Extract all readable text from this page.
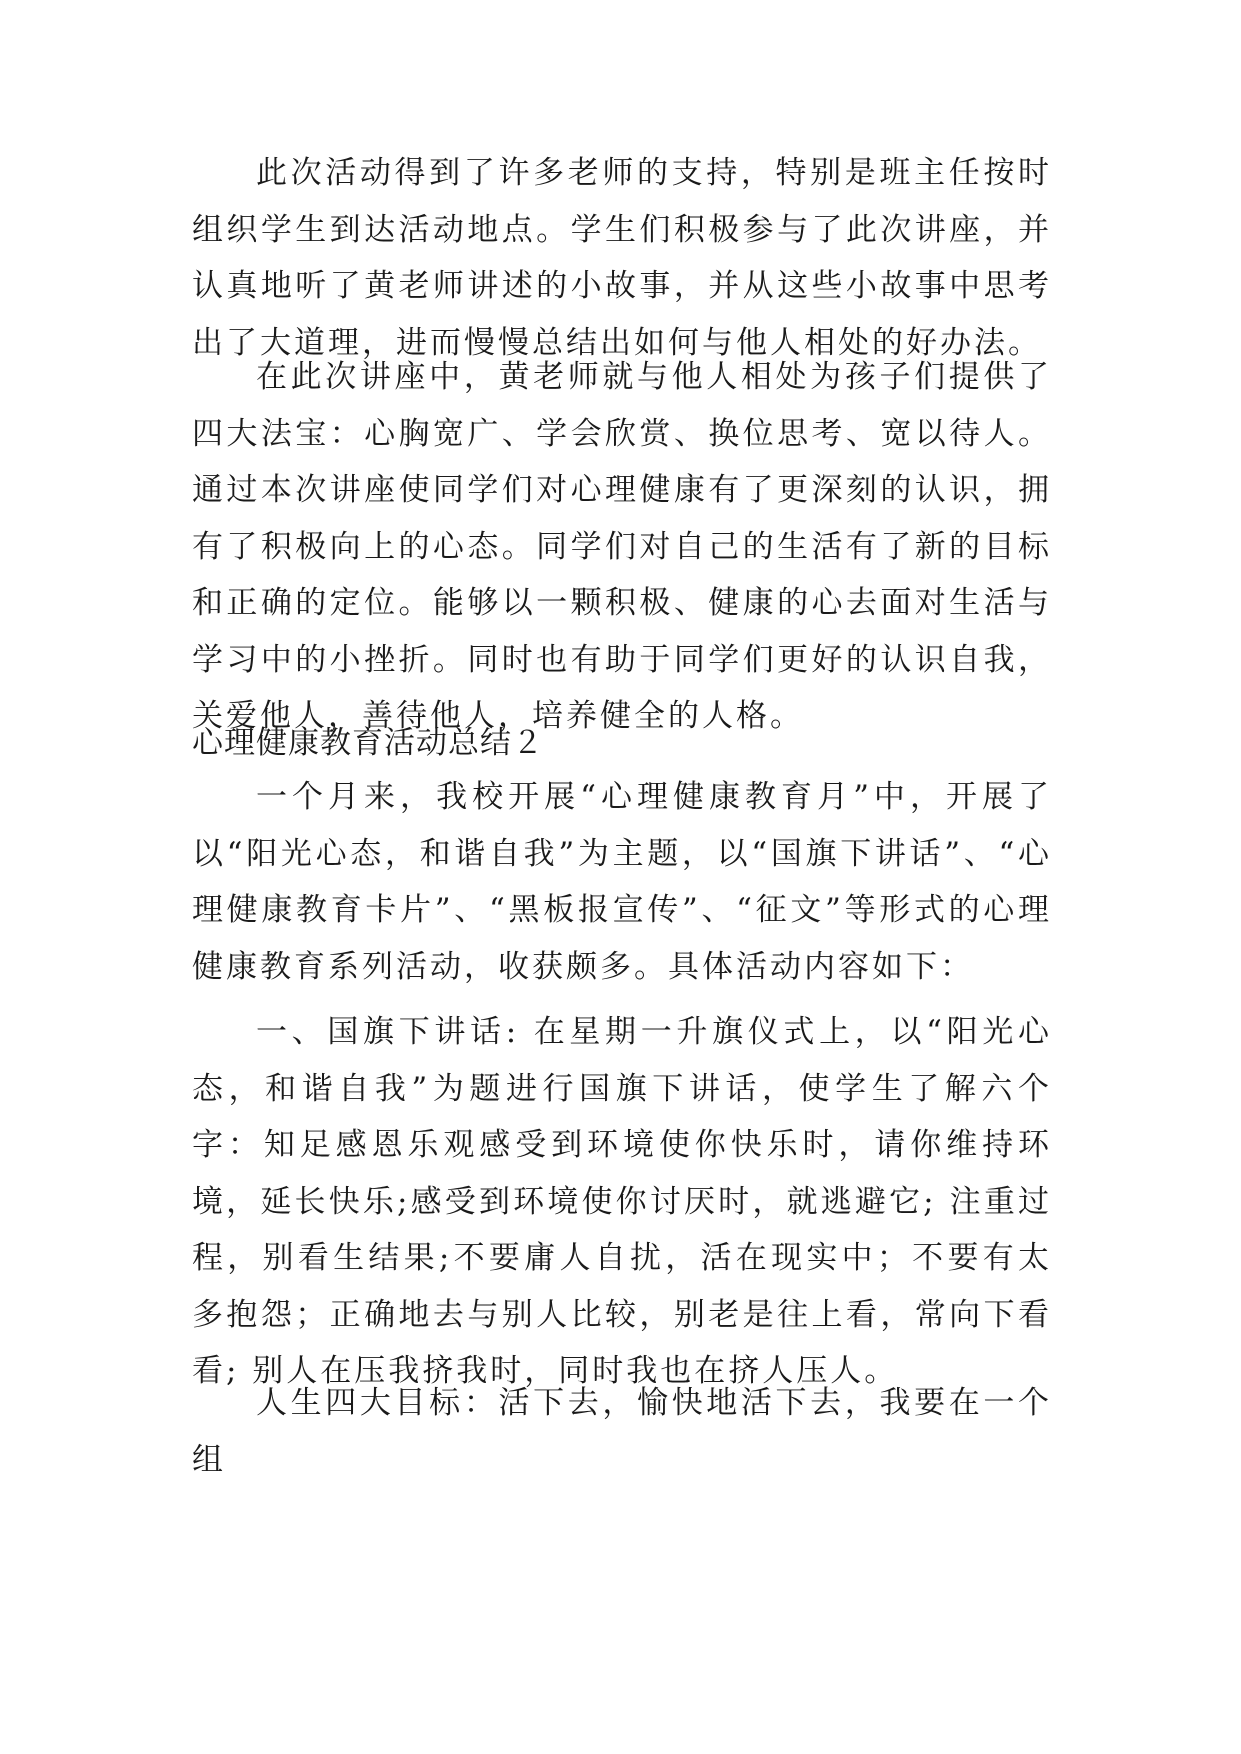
此次活动得到了许多老师的支持，特别是班主任按时组织学生到达活动地点。学生们积极参与了此次讲座，并认真地听了黄老师讲述的小故事，并从这些小故事中思考出了大道理，进而慢慢总结出如何与他人相处的好办法。

在此次讲座中，黄老师就与他人相处为孩子们提供了四大法宝：心胸宽广、学会欣赏、换位思考、宽以待人。通过本次讲座使同学们对心理健康有了更深刻的认识，拥有了积极向上的心态。同学们对自己的生活有了新的目标和正确的定位。能够以一颗积极、健康的心去面对生活与学习中的小挫折。同时也有助于同学们更好的认识自我，关爱他人，善待他人，培养健全的人格。

心理健康教育活动总结２

一个月来，我校开展“心理健康教育月”中，开展了以“阳光心态，和谐自我”为主题，以“国旗下讲话”、“心理健康教育卡片”、“黑板报宣传”、“征文”等形式的心理健康教育系列活动，收获颇多。具体活动内容如下：

一、国旗下讲话: 在星期一升旗仪式上，以“阳光心态，和谐自我”为题进行国旗下讲话，使学生了解六个字：知足感恩乐观感受到环境使你快乐时，请你维持环境，延长快乐;感受到环境使你讨厌时，就逃避它; 注重过程，别看生结果;不要庸人自扰，活在现实中；不要有太多抱怨；正确地去与别人比较，别老是往上看，常向下看看; 别人在压我挤我时，同时我也在挤人压人。

人生四大目标：活下去，愉快地活下去，我要在一个组
